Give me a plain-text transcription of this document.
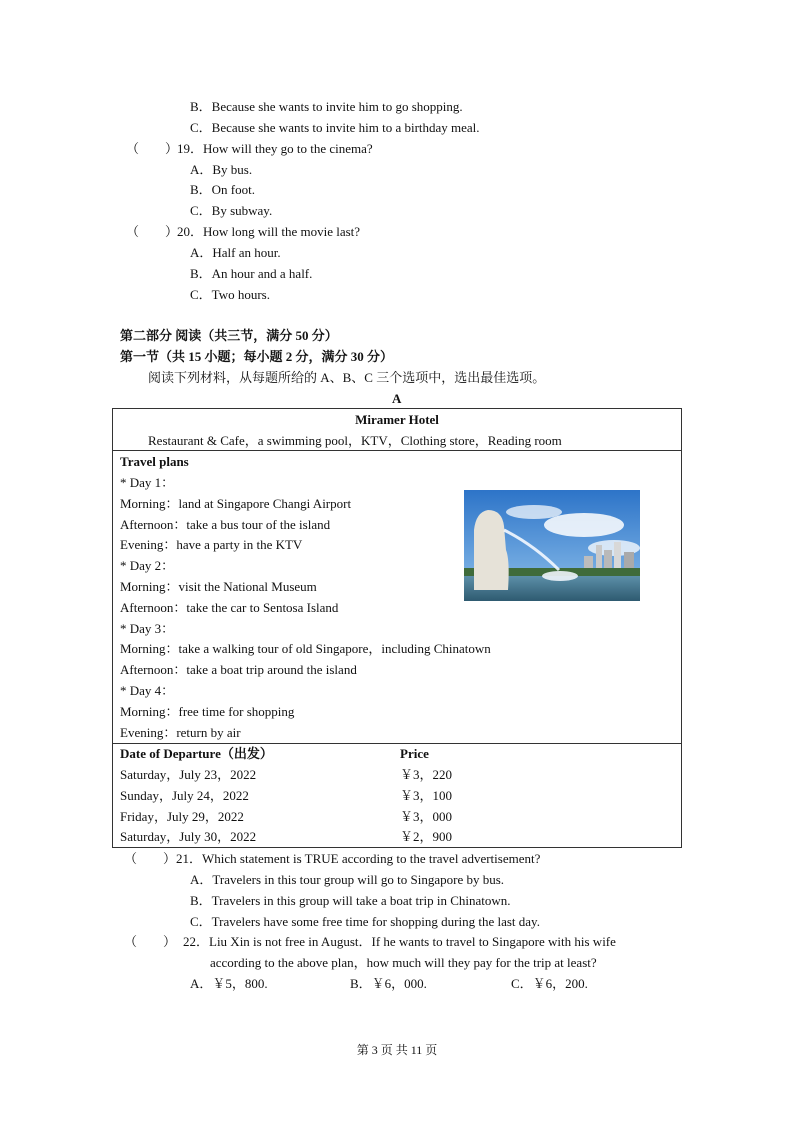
B．Because she wants to invite him to go shopping.
C．Because she wants to invite him to a birthday meal.
（　　）
19．How will they go to the cinema?
A．By bus.
B．On foot.
C．By subway.
（　　）
20．How long will the movie last?
A．Half an hour.
B．An hour and a half.
C．Two hours.
第二部分 阅读（共三节，满分 50 分）
第一节（共 15 小题；每小题 2 分，满分 30 分）
阅读下列材料，从每题所给的 A、B、C 三个选项中，选出最佳选项。
A
Miramer Hotel
Restaurant & Cafe，a swimming pool，KTV，Clothing store，Reading room
Travel plans
* Day 1：
Morning：land at Singapore Changi Airport
Afternoon：take a bus tour of the island
Evening：have a party in the KTV
* Day 2：
Morning：visit the National Museum
Afternoon：take the car to Sentosa Island
* Day 3：
Morning：take a walking tour of old Singapore，including Chinatown
Afternoon：take a boat trip around the island
* Day 4：
Morning：free time for shopping
Evening：return by air
Date of Departure（出发）	Price
Saturday，July 23，2022	￥3，220
Sunday，July 24，2022	￥3，100
Friday，July 29，2022	￥3，000
Saturday，July 30，2022	￥2，900
（　　） 21．Which statement is TRUE according to the travel advertisement?
A．Travelers in this tour group will go to Singapore by bus.
B．Travelers in this group will take a boat trip in Chinatown.
C．Travelers have some free time for shopping during the last day.
（　　） 22．Liu Xin is not free in August．If he wants to travel to Singapore with his wife
according to the above plan，how much will they pay for the trip at least?
A．￥5，800.	B．￥6，000.	C．￥6，200.
第 3 页 共 11 页
